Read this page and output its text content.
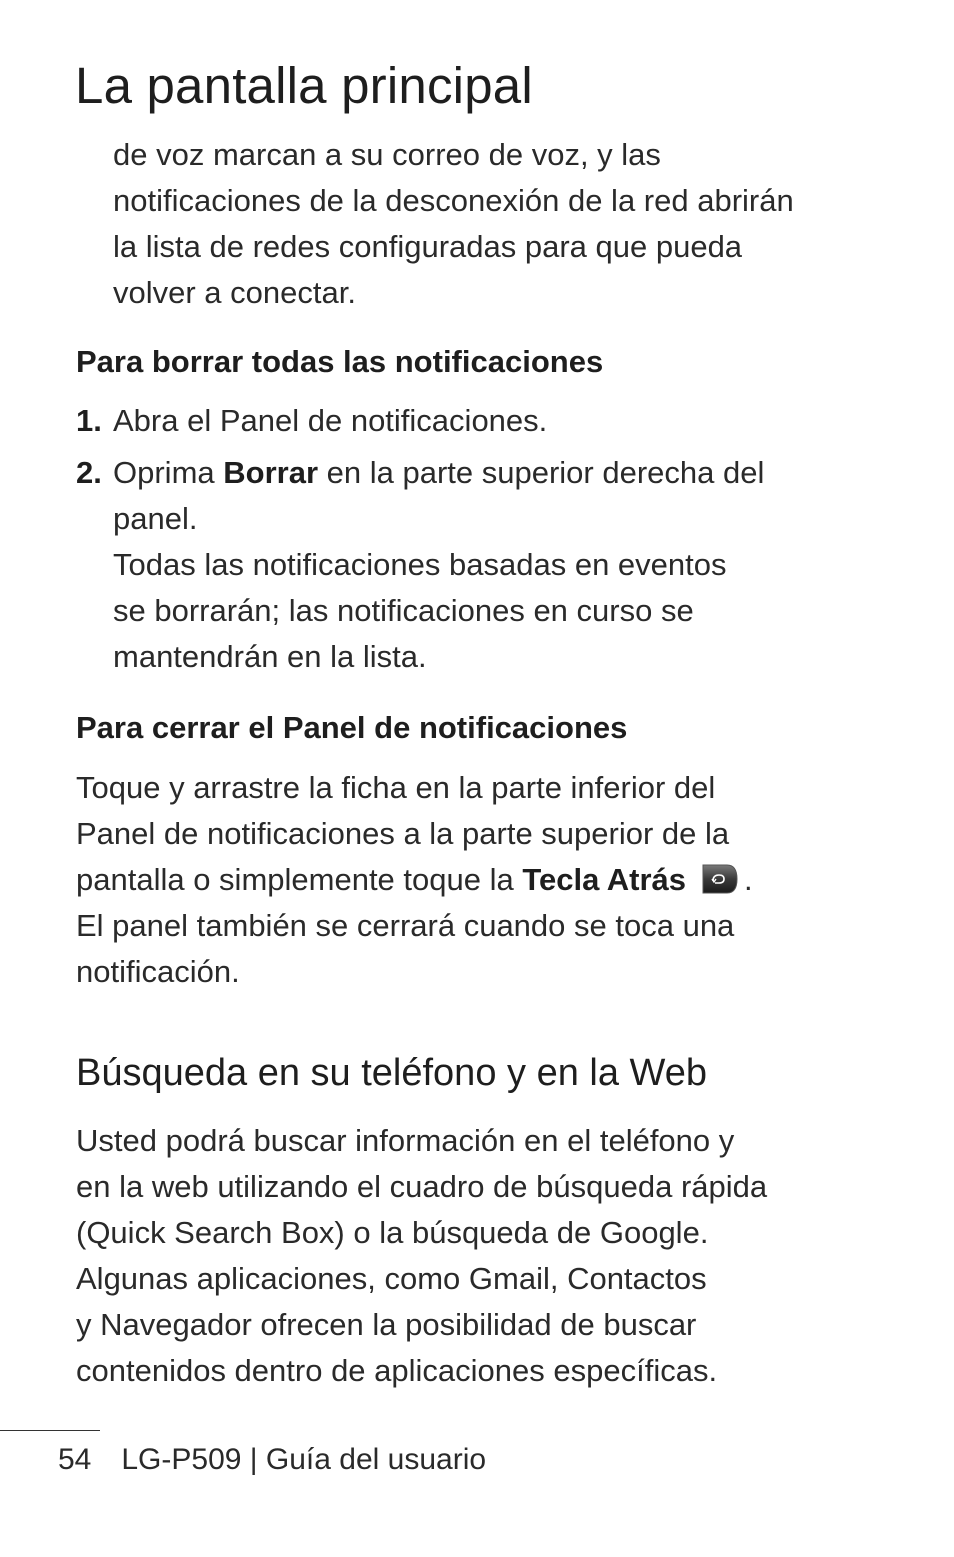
La pantalla principal
de voz marcan a su correo de voz, y las
notificaciones de la desconexión de la red abrirán
la lista de redes configuradas para que pueda
volver a conectar.
Para borrar todas las notificaciones
1. Abra el Panel de notificaciones.
2. Oprima Borrar en la parte superior derecha del
panel.
Todas las notificaciones basadas en eventos
se borrarán; las notificaciones en curso se
mantendrán en la lista.
Para cerrar el Panel de notificaciones
Toque y arrastre la ficha en la parte inferior del
Panel de notificaciones a la parte superior de la
pantalla o simplemente toque la Tecla Atrás .
El panel también se cerrará cuando se toca una
notificación.
Búsqueda en su teléfono y en la Web
Usted podrá buscar información en el teléfono y
en la web utilizando el cuadro de búsqueda rápida
(Quick Search Box) o la búsqueda de Google.
Algunas aplicaciones, como Gmail, Contactos
y Navegador ofrecen la posibilidad de buscar
contenidos dentro de aplicaciones específicas.
54 LG-P509 | Guía del usuario
